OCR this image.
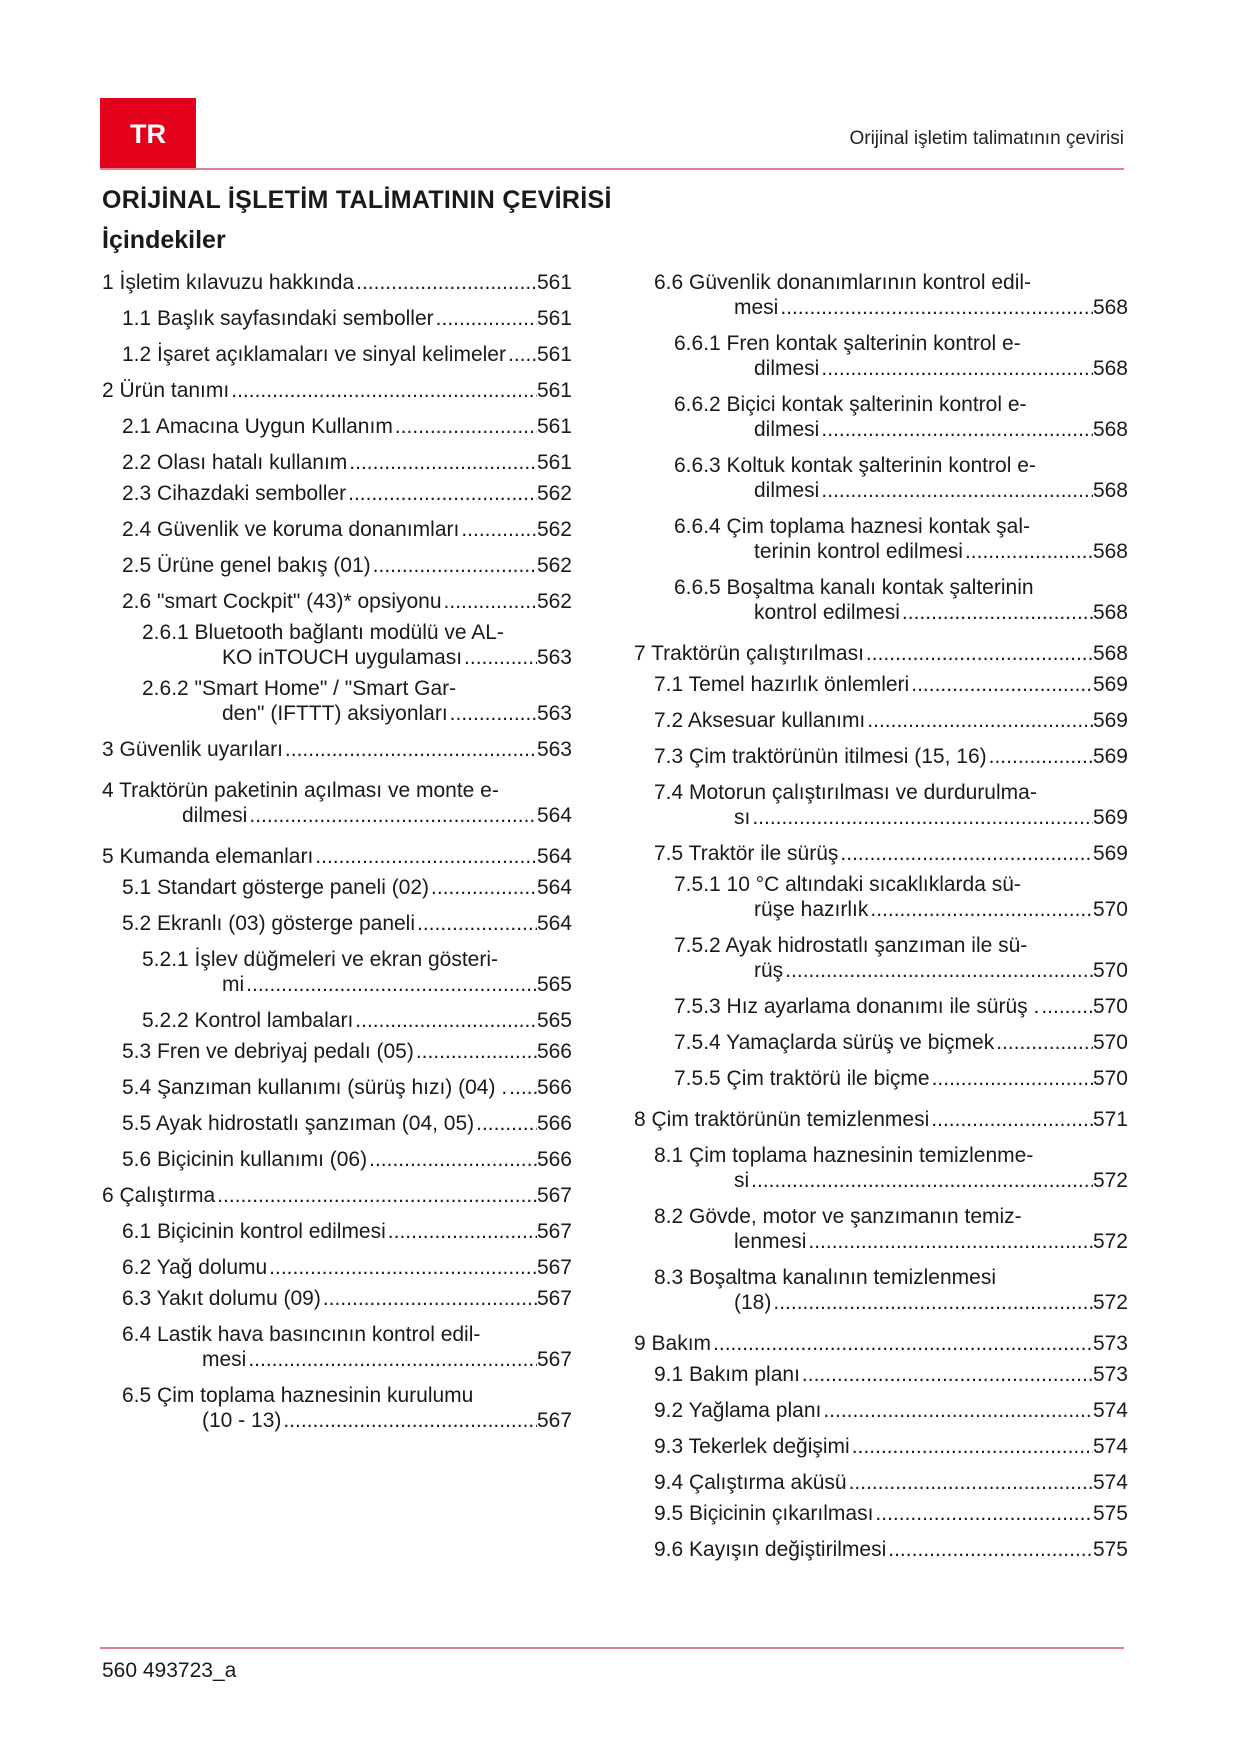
TR	Orijinal işletim talimatının çevirisi
ORİJİNAL İŞLETİM TALİMATININ ÇEVİRİSİ
İçindekiler
1 İşletim kılavuzu hakkında .....	561
1.1 Başlık sayfasındaki semboller .....	561
1.2 İşaret açıklamaları ve sinyal kelimeler ..... 561
2 Ürün tanımı .....	561
2.1 Amacına Uygun Kullanım .....	561
2.2 Olası hatalı kullanım .....	561
2.3 Cihazdaki semboller .....	562
2.4 Güvenlik ve koruma donanımları .....	562
2.5 Ürüne genel bakış (01) .....	562
2.6 "smart Cockpit" (43)* opsiyonu .....	562
2.6.1 Bluetooth bağlantı modülü ve AL-
KO inTOUCH uygulaması .....	563
2.6.2 "Smart Home" / "Smart Gar-
den" (IFTTT) aksiyonları .....	563
3 Güvenlik uyarıları .....	563
4 Traktörün paketinin açılması ve monte e-
dilmesi .....	564
5 Kumanda elemanları .....	564
5.1 Standart gösterge paneli (02) .....	564
5.2 Ekranlı (03) gösterge paneli .....	564
5.2.1 İşlev düğmeleri ve ekran gösteri-
mi .....	565
5.2.2 Kontrol lambaları .....	565
5.3 Fren ve debriyaj pedalı (05) .....	566
5.4 Şanzıman kullanımı (sürüş hızı) (04) . ..... 566
5.5 Ayak hidrostatlı şanzıman (04, 05) .....	566
5.6 Biçicinin kullanımı (06) .....	566
6 Çalıştırma .....	567
6.1 Biçicinin kontrol edilmesi .....	567
6.2 Yağ dolumu .....	567
6.3 Yakıt dolumu (09) .....	567
6.4 Lastik hava basıncının kontrol edil-
mesi .....	567
6.5 Çim toplama haznesinin kurulumu
(10 - 13) .....	567
6.6 Güvenlik donanımlarının kontrol edil-
mesi .....	568
6.6.1 Fren kontak şalterinin kontrol e-
dilmesi .....	568
6.6.2 Biçici kontak şalterinin kontrol e-
dilmesi .....	568
6.6.3 Koltuk kontak şalterinin kontrol e-
dilmesi .....	568
6.6.4 Çim toplama haznesi kontak şal-
terinin kontrol edilmesi .....	568
6.6.5 Boşaltma kanalı kontak şalterinin
kontrol edilmesi .....	568
7 Traktörün çalıştırılması .....	568
7.1 Temel hazırlık önlemleri .....	569
7.2 Aksesuar kullanımı .....	569
7.3 Çim traktörünün itilmesi (15, 16) .....	569
7.4 Motorun çalıştırılması ve durdurulma-
sı .....	569
7.5 Traktör ile sürüş .....	569
7.5.1 10 °C altındaki sıcaklıklarda sü-
rüşe hazırlık .....	570
7.5.2 Ayak hidrostatlı şanzıman ile sü-
rüş .....	570
7.5.3 Hız ayarlama donanımı ile sürüş . .....	570
7.5.4 Yamaçlarda sürüş ve biçmek .....	570
7.5.5 Çim traktörü ile biçme .....	570
8 Çim traktörünün temizlenmesi .....	571
8.1 Çim toplama haznesinin temizlenme-
si .....	572
8.2 Gövde, motor ve şanzımanın temiz-
lenmesi .....	572
8.3 Boşaltma kanalının temizlenmesi
(18) .....	572
9 Bakım .....	573
9.1 Bakım planı .....	573
9.2 Yağlama planı .....	574
9.3 Tekerlek değişimi .....	574
9.4 Çalıştırma aküsü .....	574
9.5 Biçicinin çıkarılması .....	575
9.6 Kayışın değiştirilmesi .....	575
560 493723_a
